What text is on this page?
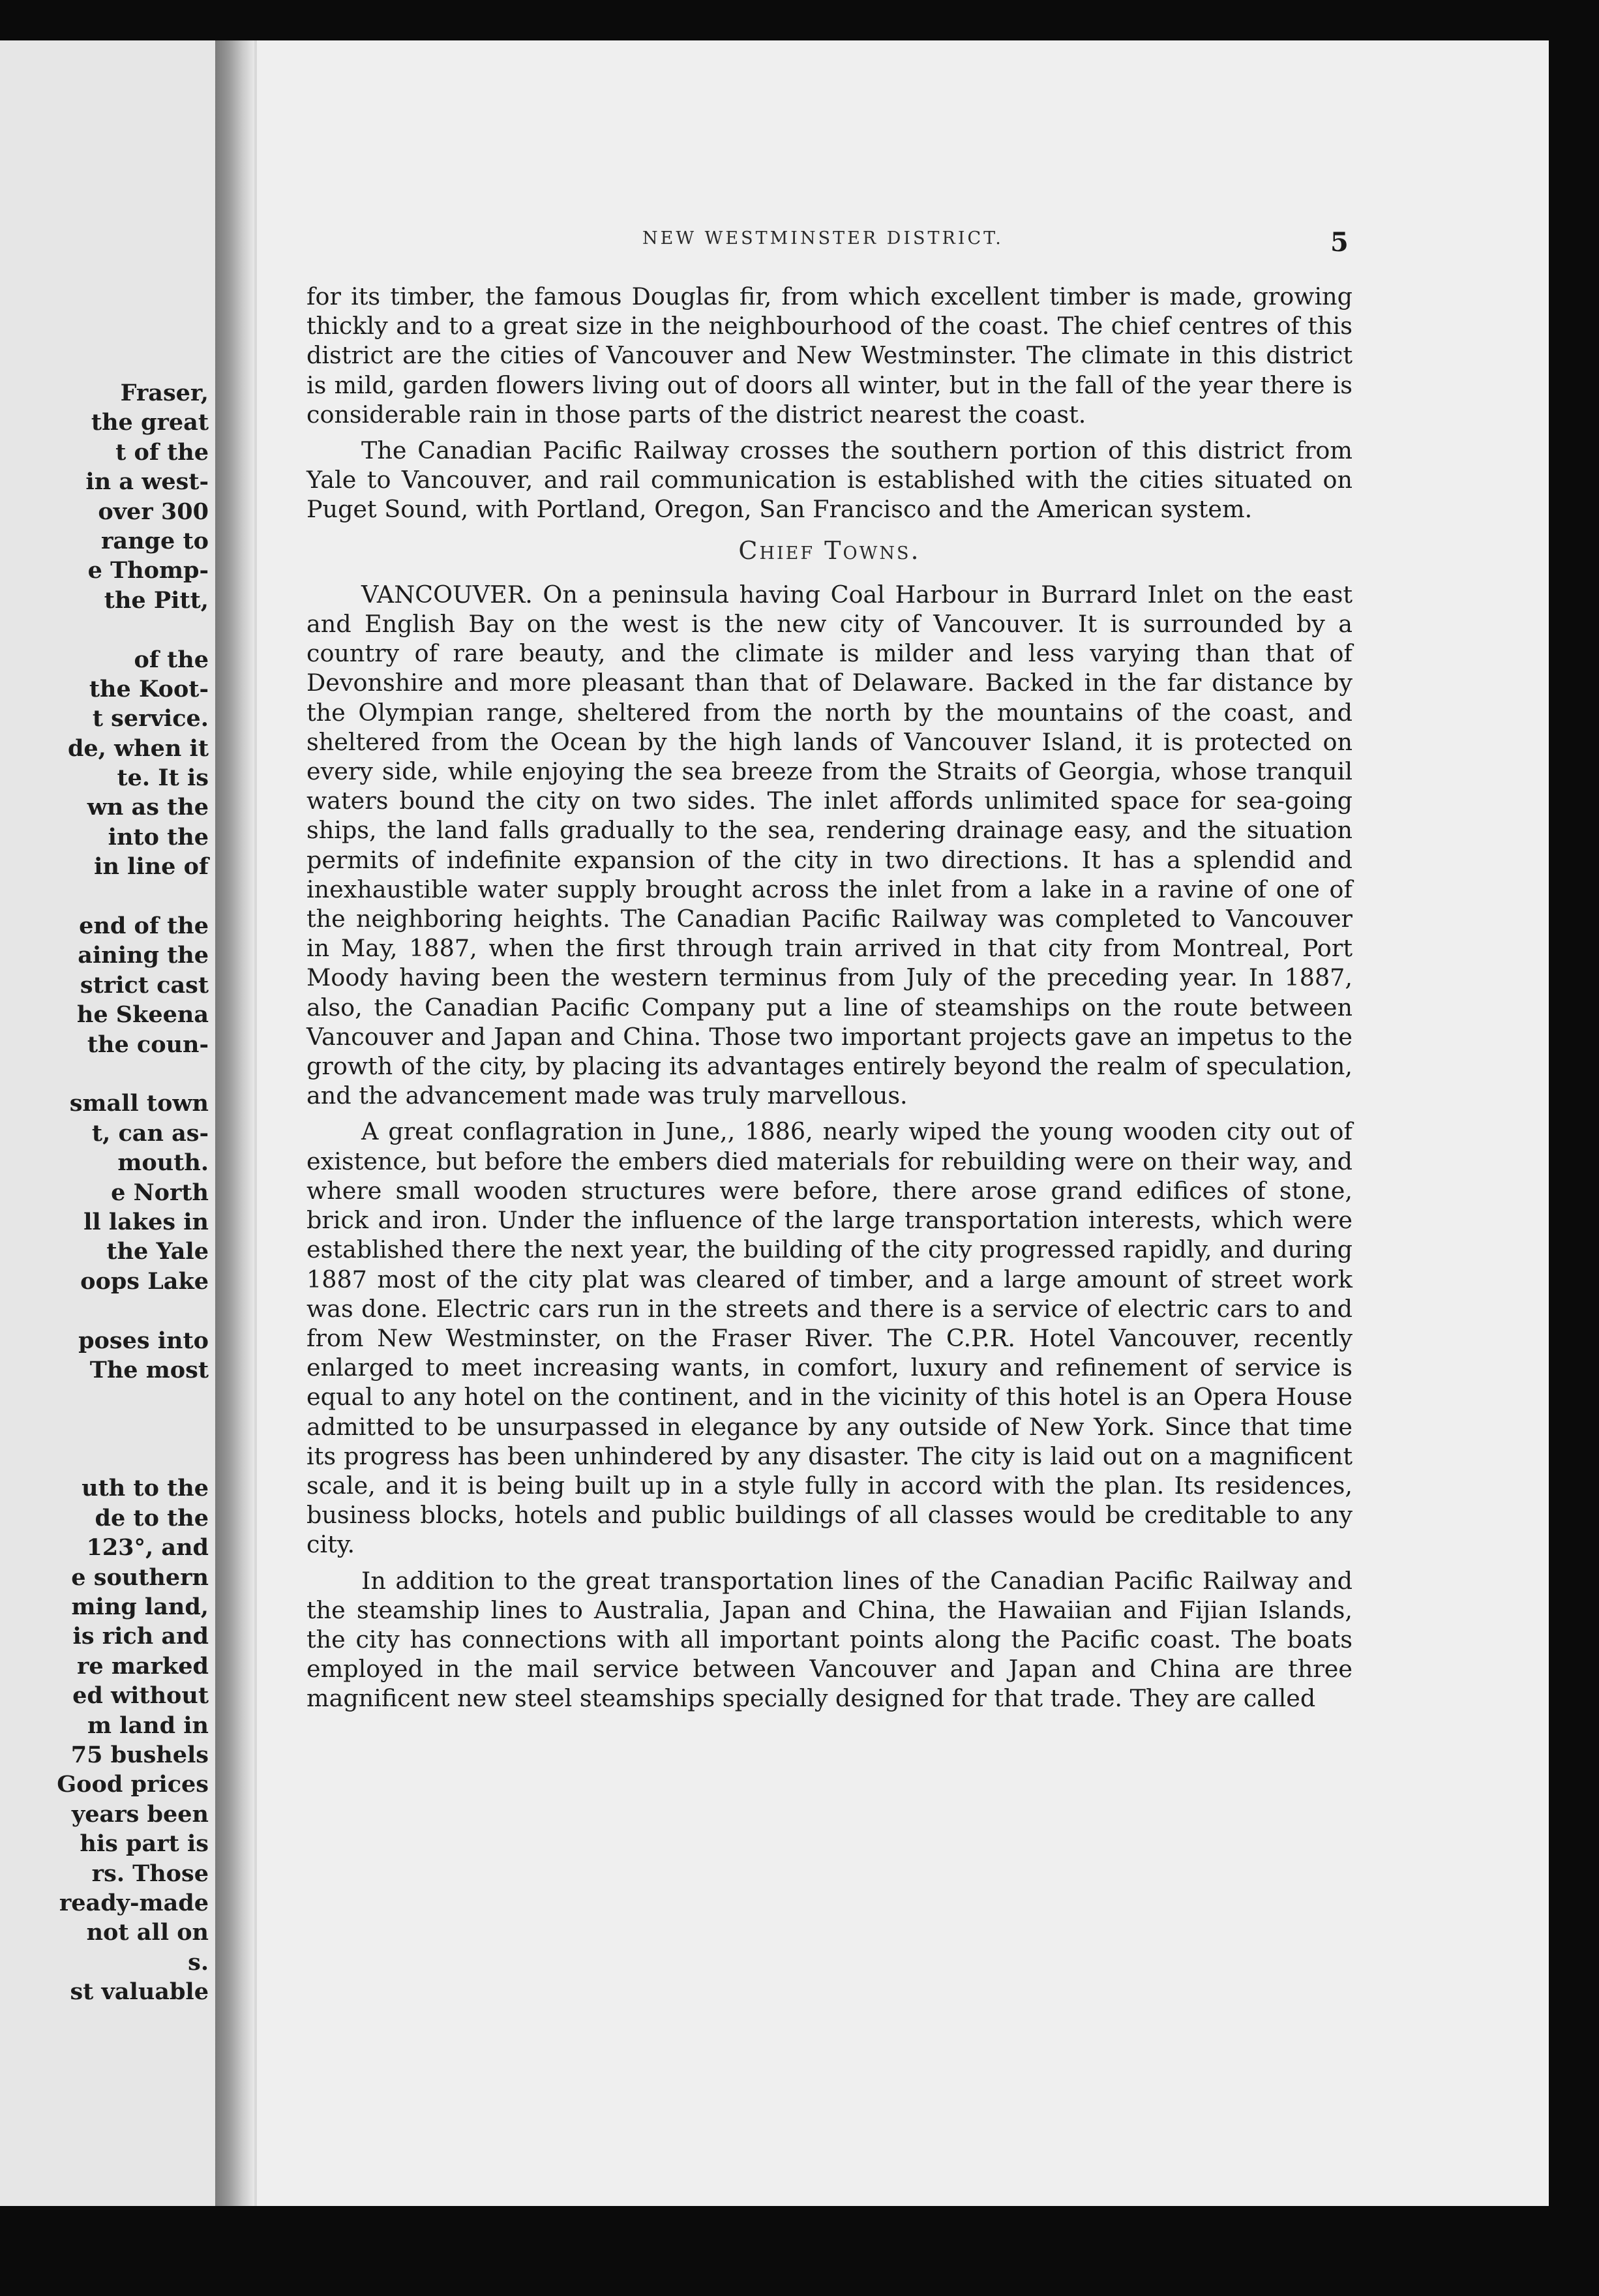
Fraser,
the great
t of the
in a west-
over 300
range to
e Thomp-
the Pitt,
of the
the Koot-
t service.
de, when it
te. It is
wn as the
into the
in line of
end of the
aining the
strict cast
he Skeena
the coun-
small town
t, can as-
mouth.
e North
ll lakes in
the Yale
oops Lake
poses into
The most
uth to the
de to the
123°, and
e southern
ming land,
is rich and
re marked
ed without
m land in
75 bushels
Good prices
years been
his part is
rs. Those
ready-made
not all on
s.
st valuable
NEW WESTMINSTER DISTRICT.	5

for its timber, the famous Douglas fir, from which excellent timber is made, growing thickly and to a great size in the neighbourhood of the coast. The chief centres of this district are the cities of Vancouver and New Westminster. The climate in this district is mild, garden flowers living out of doors all winter, but in the fall of the year there is considerable rain in those parts of the district nearest the coast.

The Canadian Pacific Railway crosses the southern portion of this district from Yale to Vancouver, and rail communication is established with the cities situated on Puget Sound, with Portland, Oregon, San Francisco and the American system.

Chief Towns.

VANCOUVER. On a peninsula having Coal Harbour in Burrard Inlet on the east and English Bay on the west is the new city of Vancouver. It is surrounded by a country of rare beauty, and the climate is milder and less varying than that of Devonshire and more pleasant than that of Delaware. Backed in the far distance by the Olympian range, sheltered from the north by the mountains of the coast, and sheltered from the Ocean by the high lands of Vancouver Island, it is protected on every side, while enjoying the sea breeze from the Straits of Georgia, whose tranquil waters bound the city on two sides. The inlet affords unlimited space for sea-going ships, the land falls gradually to the sea, rendering drainage easy, and the situation permits of indefinite expansion of the city in two directions. It has a splendid and inexhaustible water supply brought across the inlet from a lake in a ravine of one of the neighboring heights. The Canadian Pacific Railway was completed to Vancouver in May, 1887, when the first through train arrived in that city from Montreal, Port Moody having been the western terminus from July of the preceding year. In 1887, also, the Canadian Pacific Company put a line of steamships on the route between Vancouver and Japan and China. Those two important projects gave an impetus to the growth of the city, by placing its advantages entirely beyond the realm of speculation, and the advancement made was truly marvellous.

A great conflagration in June,, 1886, nearly wiped the young wooden city out of existence, but before the embers died materials for rebuilding were on their way, and where small wooden structures were before, there arose grand edifices of stone, brick and iron. Under the influence of the large transportation interests, which were established there the next year, the building of the city progressed rapidly, and during 1887 most of the city plat was cleared of timber, and a large amount of street work was done. Electric cars run in the streets and there is a service of electric cars to and from New Westminster, on the Fraser River. The C.P.R. Hotel Vancouver, recently enlarged to meet increasing wants, in comfort, luxury and refinement of service is equal to any hotel on the continent, and in the vicinity of this hotel is an Opera House admitted to be unsurpassed in elegance by any outside of New York. Since that time its progress has been unhindered by any disaster. The city is laid out on a magnificent scale, and it is being built up in a style fully in accord with the plan. Its residences, business blocks, hotels and public buildings of all classes would be creditable to any city.

In addition to the great transportation lines of the Canadian Pacific Railway and the steamship lines to Australia, Japan and China, the Hawaiian and Fijian Islands, the city has connections with all important points along the Pacific coast. The boats employed in the mail service between Vancouver and Japan and China are three magnificent new steel steamships specially designed for that trade. They are called
